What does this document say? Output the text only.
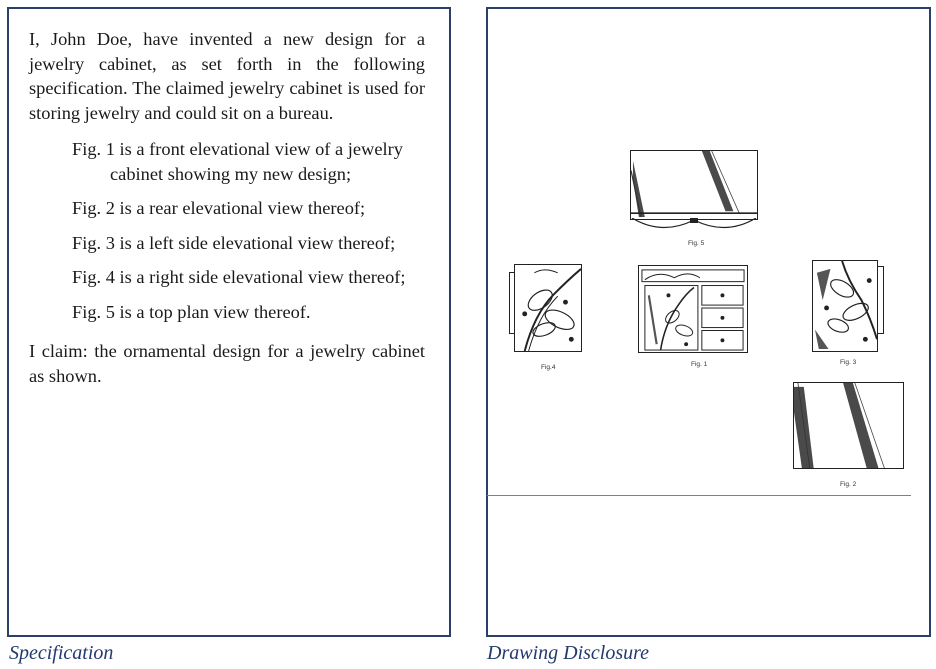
I, John Doe, have invented a new design for a jewelry cabinet, as set forth in the following specification. The claimed jewelry cabinet is used for storing jewelry and could sit on a bureau.

Fig. 1 is a front elevational view of a jewelry cabinet showing my new design;
Fig. 2 is a rear elevational view thereof;
Fig. 3 is a left side elevational view thereof;
Fig. 4 is a right side elevational view thereof;
Fig. 5 is a top plan view thereof.

I claim: the ornamental design for a jewelry cabinet as shown.

Specification	Drawing Disclosure
Fig. 5
Fig.4	Fig. 1	Fig. 3
Fig. 2
